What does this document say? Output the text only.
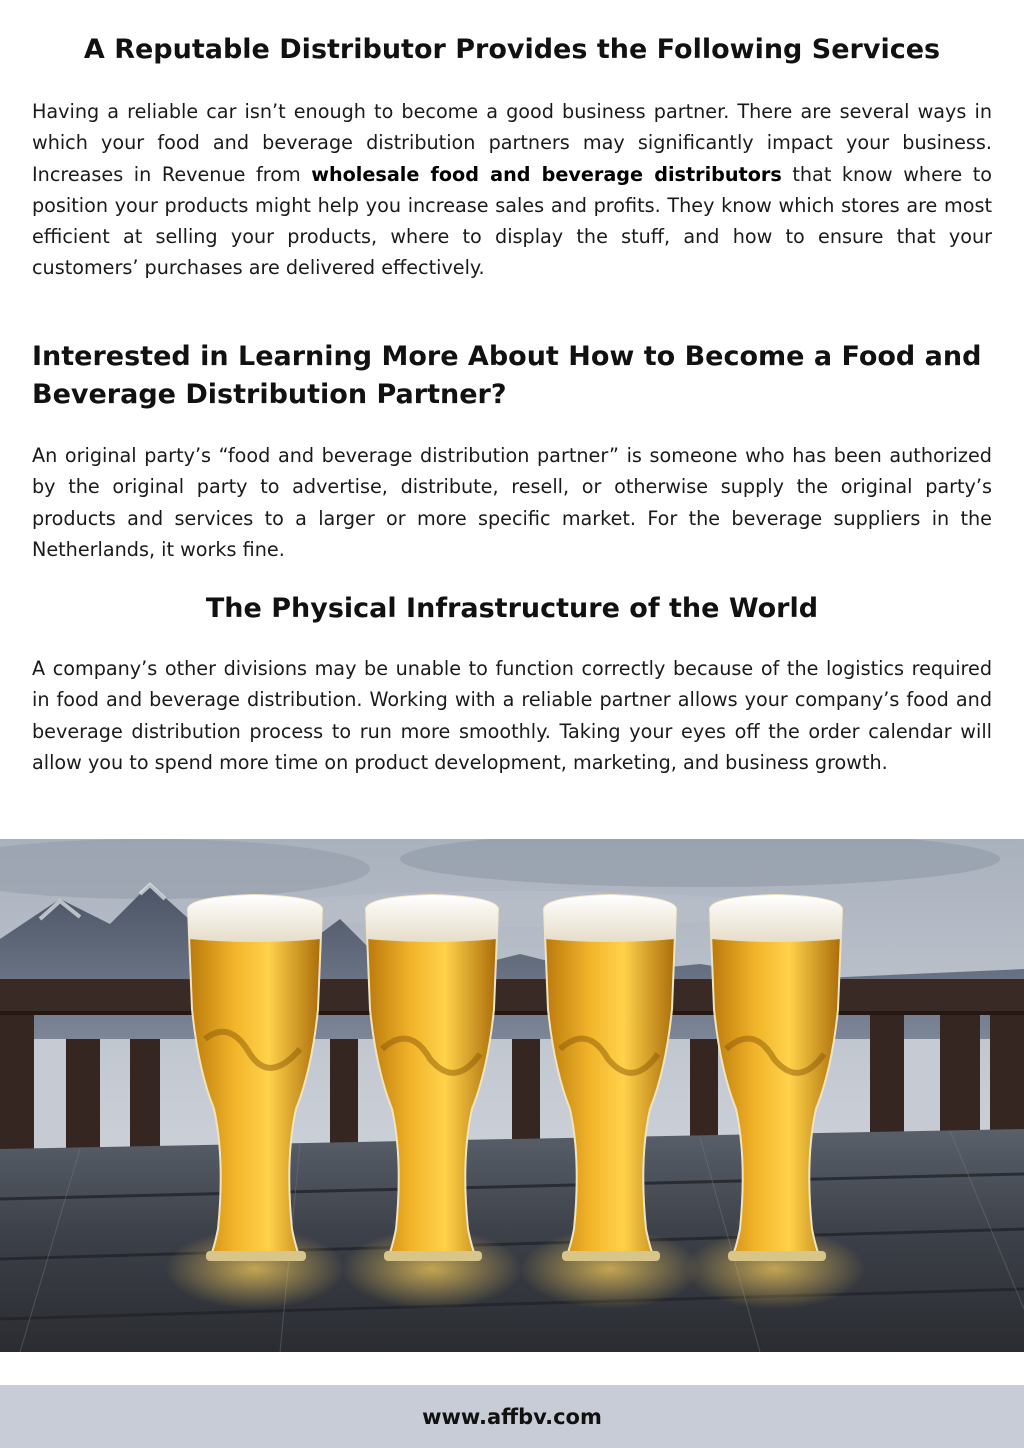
A Reputable Distributor Provides the Following Services

Having a reliable car isn’t enough to become a good business partner. There are several ways in which your food and beverage distribution partners may significantly impact your business. Increases in Revenue from wholesale food and beverage distributors that know where to position your products might help you increase sales and profits. They know which stores are most efficient at selling your products, where to display the stuff, and how to ensure that your customers’ purchases are delivered effectively.

Interested in Learning More About How to Become a Food and Beverage Distribution Partner?

An original party’s “food and beverage distribution partner” is someone who has been authorized by the original party to advertise, distribute, resell, or otherwise supply the original party’s products and services to a larger or more specific market. For the beverage suppliers in the Netherlands, it works fine.

The Physical Infrastructure of the World

A company’s other divisions may be unable to function correctly because of the logistics required in food and beverage distribution. Working with a reliable partner allows your company’s food and beverage distribution process to run more smoothly. Taking your eyes off the order calendar will allow you to spend more time on product development, marketing, and business growth.

www.affbv.com
